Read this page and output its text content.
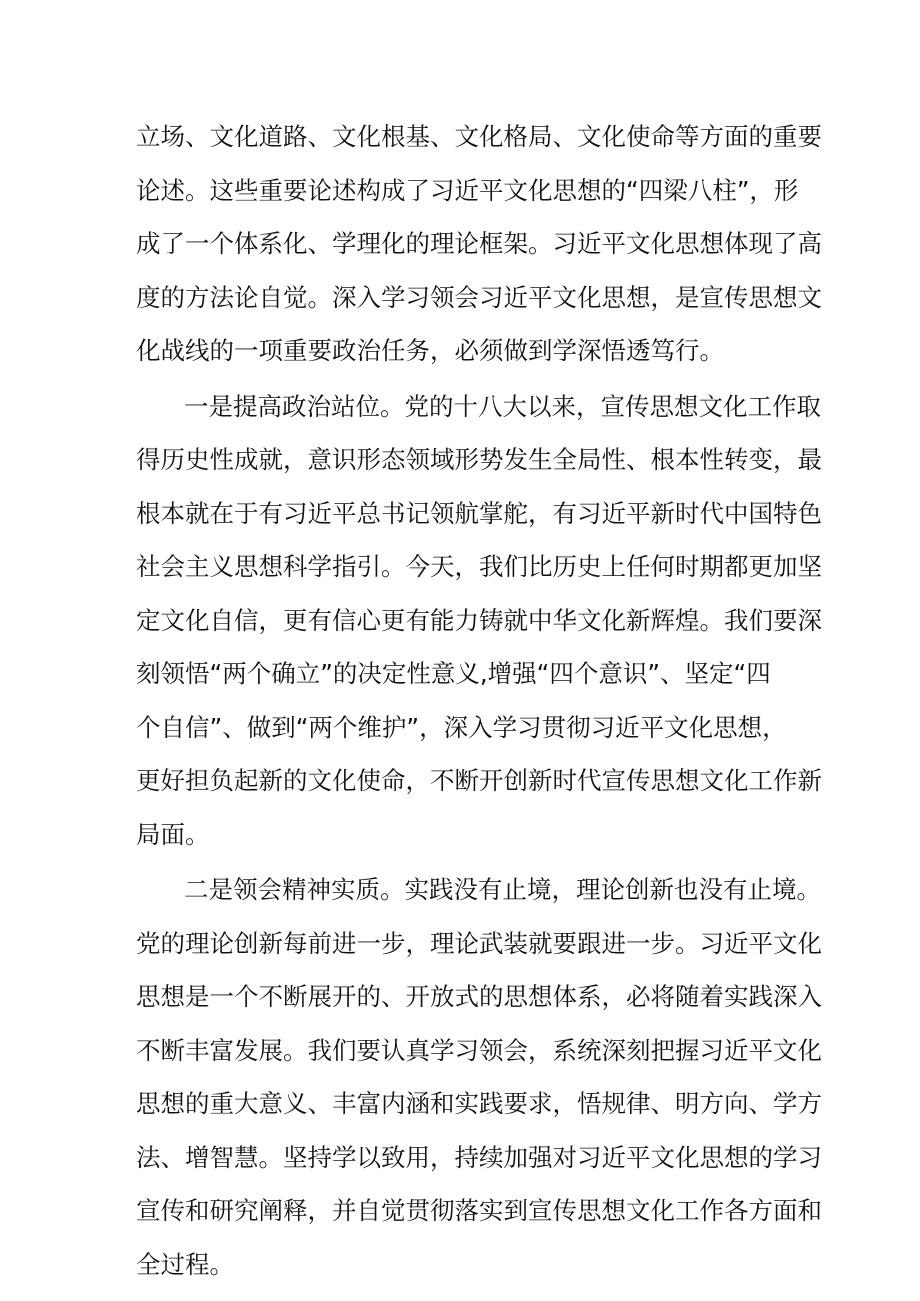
立场、文化道路、文化根基、文化格局、文化使命等方面的重要
论述。这些重要论述构成了习近平文化思想的“四梁八柱”，形
成了一个体系化、学理化的理论框架。习近平文化思想体现了高
度的方法论自觉。深入学习领会习近平文化思想，是宣传思想文
化战线的一项重要政治任务，必须做到学深悟透笃行。
一是提高政治站位。党的十八大以来，宣传思想文化工作取
得历史性成就，意识形态领域形势发生全局性、根本性转变，最
根本就在于有习近平总书记领航掌舵，有习近平新时代中国特色
社会主义思想科学指引。今天，我们比历史上任何时期都更加坚
定文化自信，更有信心更有能力铸就中华文化新辉煌。我们要深
刻领悟“两个确立”的决定性意义,增强“四个意识”、坚定“四
个自信”、做到“两个维护”，深入学习贯彻习近平文化思想，
更好担负起新的文化使命，不断开创新时代宣传思想文化工作新
局面。
二是领会精神实质。实践没有止境，理论创新也没有止境。
党的理论创新每前进一步，理论武装就要跟进一步。习近平文化
思想是一个不断展开的、开放式的思想体系，必将随着实践深入
不断丰富发展。我们要认真学习领会，系统深刻把握习近平文化
思想的重大意义、丰富内涵和实践要求，悟规律、明方向、学方
法、增智慧。坚持学以致用，持续加强对习近平文化思想的学习
宣传和研究阐释，并自觉贯彻落实到宣传思想文化工作各方面和
全过程。
